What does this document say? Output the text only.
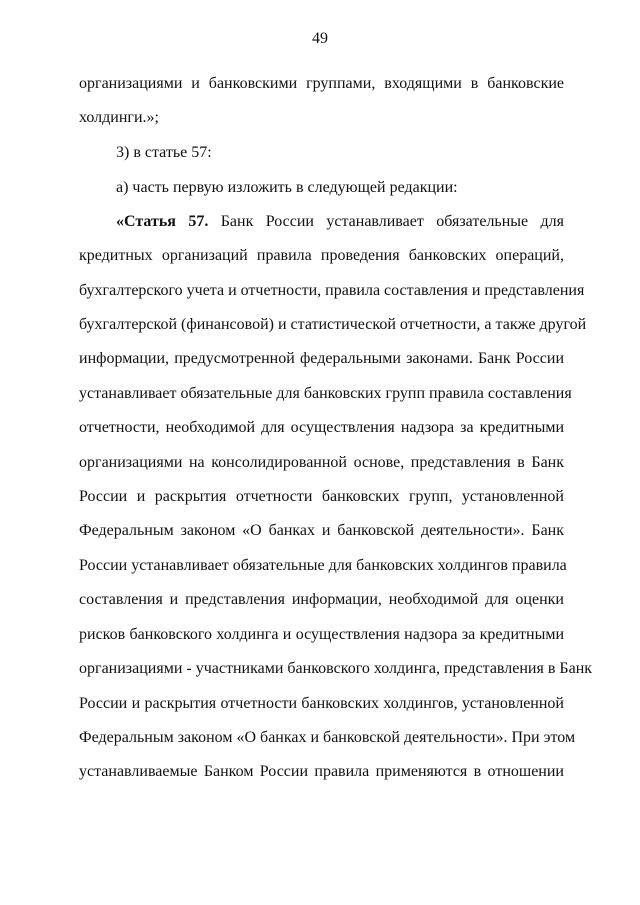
49
организациями и банковскими группами, входящими в банковские
холдинги.»;
3) в статье 57:
а) часть первую изложить в следующей редакции:
«Статья 57. Банк России устанавливает обязательные для
кредитных организаций правила проведения банковских операций,
бухгалтерского учета и отчетности, правила составления и представления
бухгалтерской (финансовой) и статистической отчетности, а также другой
информации, предусмотренной федеральными законами. Банк России
устанавливает обязательные для банковских групп правила составления
отчетности, необходимой для осуществления надзора за кредитными
организациями на консолидированной основе, представления в Банк
России и раскрытия отчетности банковских групп, установленной
Федеральным законом «О банках и банковской деятельности». Банк
России устанавливает обязательные для банковских холдингов правила
составления и представления информации, необходимой для оценки
рисков банковского холдинга и осуществления надзора за кредитными
организациями - участниками банковского холдинга, представления в Банк
России и раскрытия отчетности банковских холдингов, установленной
Федеральным законом «О банках и банковской деятельности». При этом
устанавливаемые Банком России правила применяются в отношении
